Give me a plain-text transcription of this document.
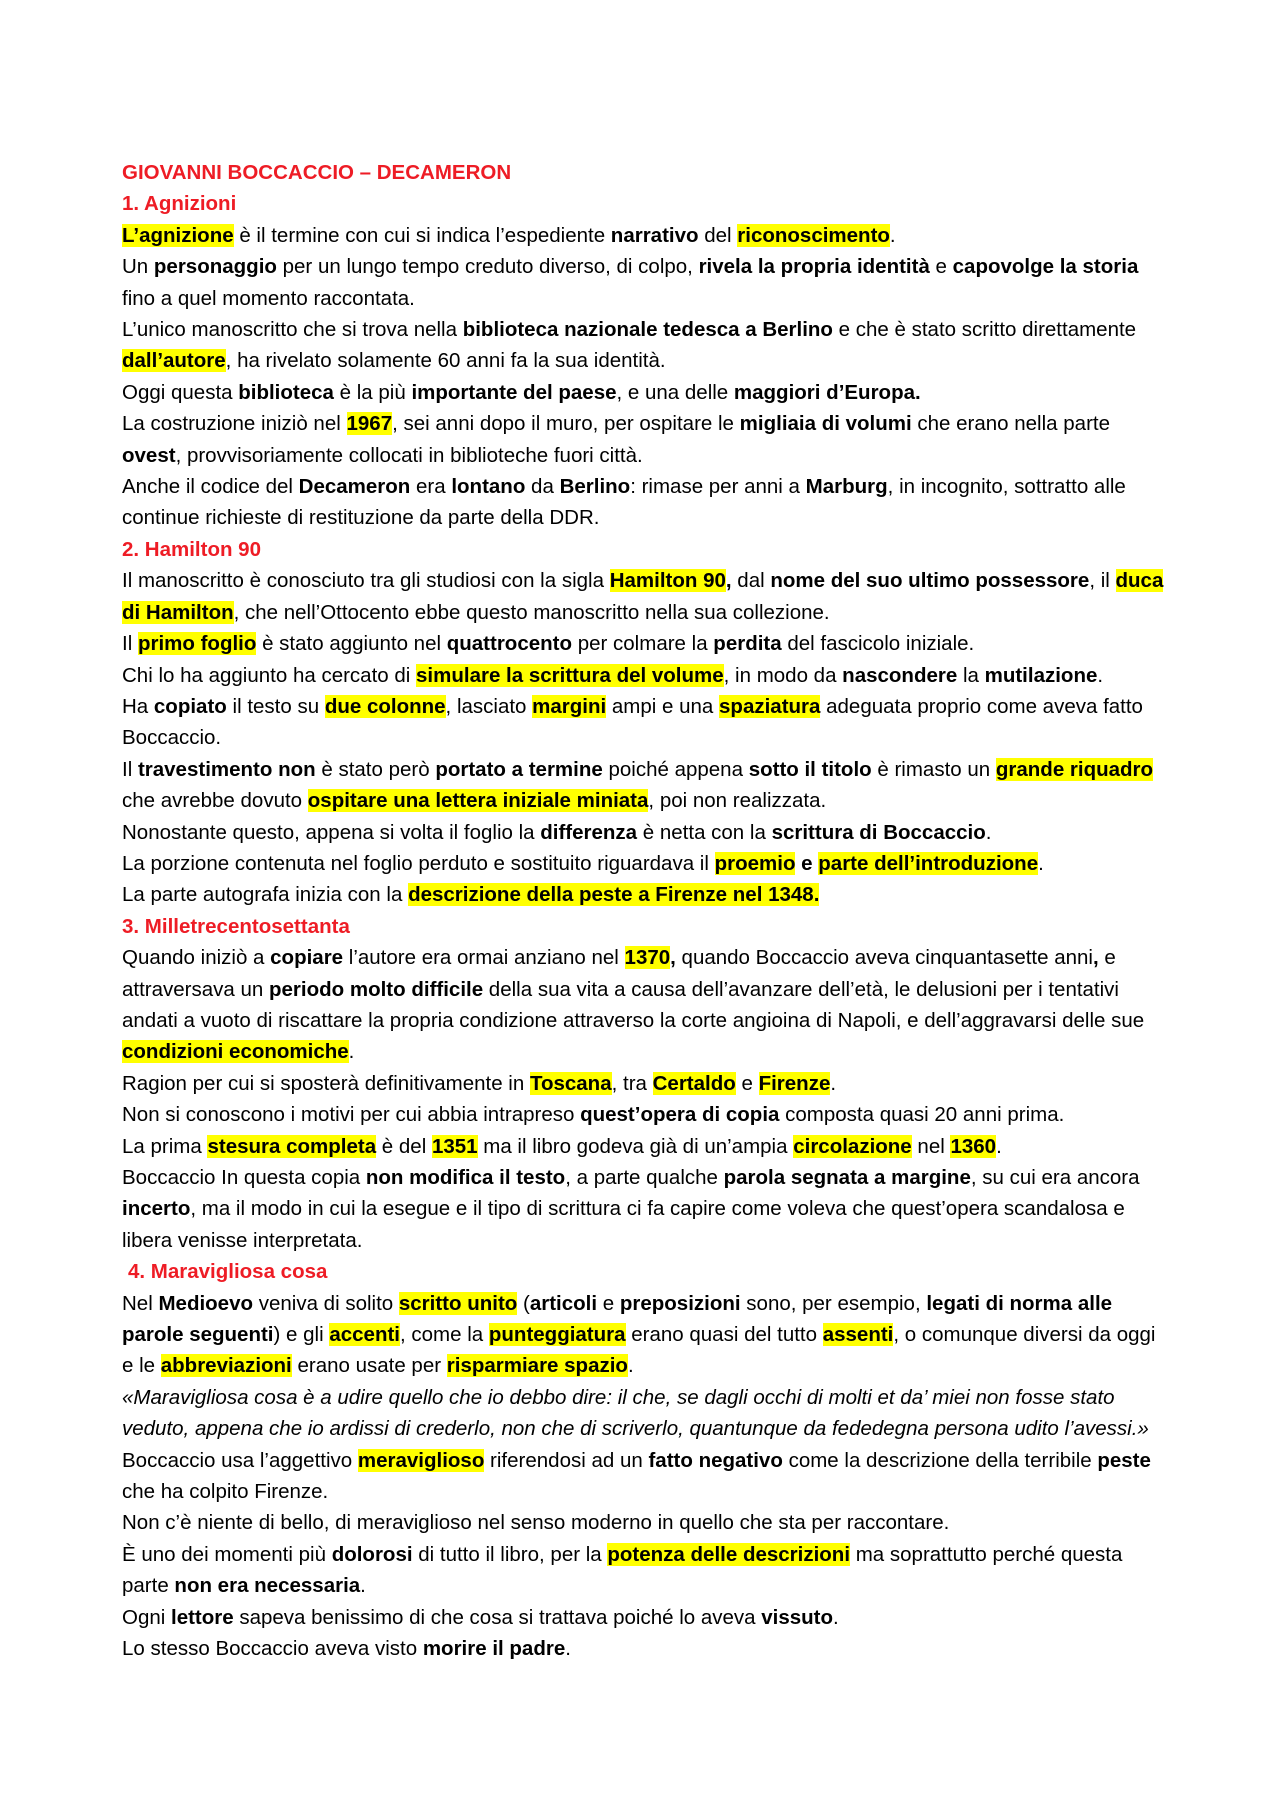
GIOVANNI BOCCACCIO – DECAMERON

1. Agnizioni

L’agnizione è il termine con cui si indica l’espediente narrativo del riconoscimento.

Un personaggio per un lungo tempo creduto diverso, di colpo, rivela la propria identità e capovolge la storia fino a quel momento raccontata.

L’unico manoscritto che si trova nella biblioteca nazionale tedesca a Berlino e che è stato scritto direttamente dall’autore, ha rivelato solamente 60 anni fa la sua identità.

Oggi questa biblioteca è la più importante del paese, e una delle maggiori d’Europa.

La costruzione iniziò nel 1967, sei anni dopo il muro, per ospitare le migliaia di volumi che erano nella parte ovest, provvisoriamente collocati in biblioteche fuori città.

Anche il codice del Decameron era lontano da Berlino: rimase per anni a Marburg, in incognito, sottratto alle continue richieste di restituzione da parte della DDR.

2. Hamilton 90

Il manoscritto è conosciuto tra gli studiosi con la sigla Hamilton 90, dal nome del suo ultimo possessore, il duca di Hamilton, che nell’Ottocento ebbe questo manoscritto nella sua collezione.

Il primo foglio è stato aggiunto nel quattrocento per colmare la perdita del fascicolo iniziale.

Chi lo ha aggiunto ha cercato di simulare la scrittura del volume, in modo da nascondere la mutilazione.

Ha copiato il testo su due colonne, lasciato margini ampi e una spaziatura adeguata proprio come aveva fatto Boccaccio.

Il travestimento non è stato però portato a termine poiché appena sotto il titolo è rimasto un grande riquadro che avrebbe dovuto ospitare una lettera iniziale miniata, poi non realizzata.

Nonostante questo, appena si volta il foglio la differenza è netta con la scrittura di Boccaccio.

La porzione contenuta nel foglio perduto e sostituito riguardava il proemio e parte dell’introduzione.

La parte autografa inizia con la descrizione della peste a Firenze nel 1348.

3. Milletrecentosettanta

Quando iniziò a copiare l’autore era ormai anziano nel 1370, quando Boccaccio aveva cinquantasette anni, e attraversava un periodo molto difficile della sua vita a causa dell’avanzare dell’età, le delusioni per i tentativi andati a vuoto di riscattare la propria condizione attraverso la corte angioina di Napoli, e dell’aggravarsi delle sue condizioni economiche.

Ragion per cui si sposterà definitivamente in Toscana, tra Certaldo e Firenze.

Non si conoscono i motivi per cui abbia intrapreso quest’opera di copia composta quasi 20 anni prima.

La prima stesura completa è del 1351 ma il libro godeva già di un’ampia circolazione nel 1360.

Boccaccio In questa copia non modifica il testo, a parte qualche parola segnata a margine, su cui era ancora incerto, ma il modo in cui la esegue e il tipo di scrittura ci fa capire come voleva che quest’opera scandalosa e libera venisse interpretata.

4. Maravigliosa cosa

Nel Medioevo veniva di solito scritto unito (articoli e preposizioni sono, per esempio, legati di norma alle parole seguenti) e gli accenti, come la punteggiatura erano quasi del tutto assenti, o comunque diversi da oggi e le abbreviazioni erano usate per risparmiare spazio.

«Maravigliosa cosa è a udire quello che io debbo dire: il che, se dagli occhi di molti et da’ miei non fosse stato veduto, appena che io ardissi di crederlo, non che di scriverlo, quantunque da fededegna persona udito l’avessi.»

Boccaccio usa l’aggettivo meraviglioso riferendosi ad un fatto negativo come la descrizione della terribile peste che ha colpito Firenze.

Non c’è niente di bello, di meraviglioso nel senso moderno in quello che sta per raccontare.

È uno dei momenti più dolorosi di tutto il libro, per la potenza delle descrizioni ma soprattutto perché questa parte non era necessaria.

Ogni lettore sapeva benissimo di che cosa si trattava poiché lo aveva vissuto.

Lo stesso Boccaccio aveva visto morire il padre.
